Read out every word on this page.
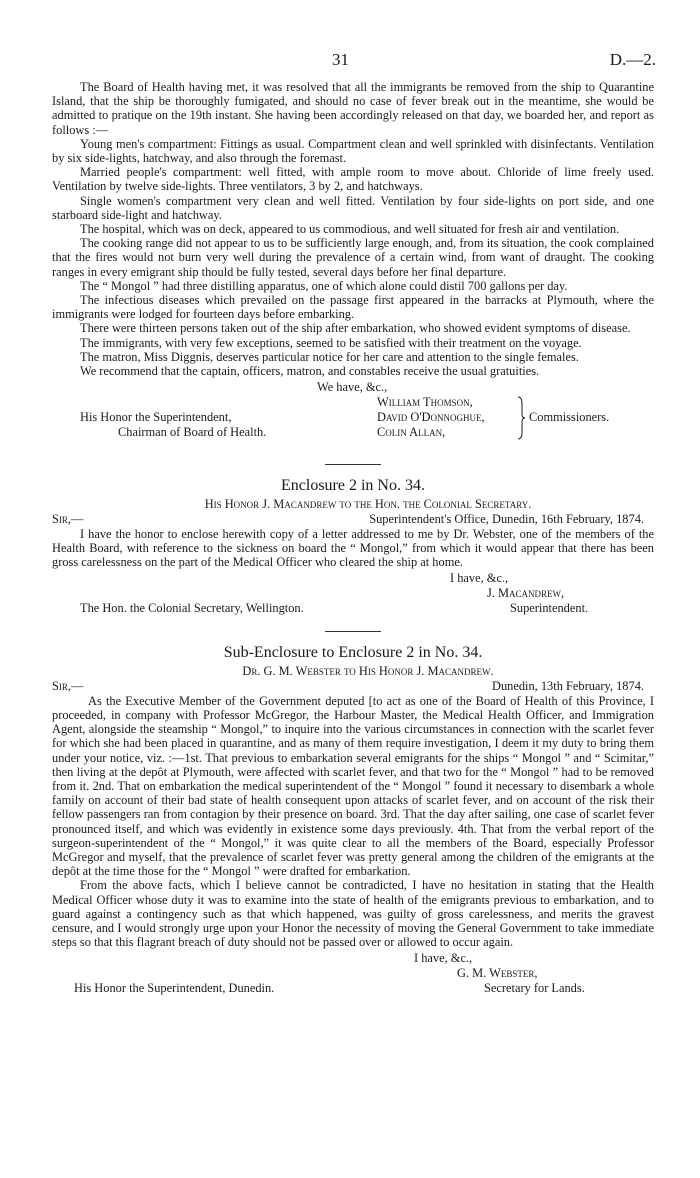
31	D.—2.

The Board of Health having met, it was resolved that all the immigrants be removed from the ship to Quarantine Island, that the ship be thoroughly fumigated, and should no case of fever break out in the meantime, she would be admitted to pratique on the 19th instant. She having been accordingly released on that day, we boarded her, and report as follows :—

Young men's compartment: Fittings as usual. Compartment clean and well sprinkled with disinfectants. Ventilation by six side-lights, hatchway, and also through the foremast.

Married people's compartment: well fitted, with ample room to move about. Chloride of lime freely used. Ventilation by twelve side-lights. Three ventilators, 3 by 2, and hatchways.

Single women's compartment very clean and well fitted. Ventilation by four side-lights on port side, and one starboard side-light and hatchway.

The hospital, which was on deck, appeared to us commodious, and well situated for fresh air and ventilation.

The cooking range did not appear to us to be sufficiently large enough, and, from its situation, the cook complained that the fires would not burn very well during the prevalence of a certain wind, from want of draught. The cooking ranges in every emigrant ship thould be fully tested, several days before her final departure.

The “ Mongol ” had three distilling apparatus, one of which alone could distil 700 gallons per day.

The infectious diseases which prevailed on the passage first appeared in the barracks at Plymouth, where the immigrants were lodged for fourteen days before embarking.

There were thirteen persons taken out of the ship after embarkation, who showed evident symptoms of disease.

The immigrants, with very few exceptions, seemed to be satisfied with their treatment on the voyage.

The matron, Miss Diggnis, deserves particular notice for her care and attention to the single females.

We recommend that the captain, officers, matron, and constables receive the usual gratuities.

We have, &c.,
William Thomson,
David O'Donnoghue,
Colin Allan,
Commissioners.
His Honor the Superintendent,
Chairman of Board of Health.
Enclosure 2 in No. 34.
His Honor J. Macandrew to the Hon. the Colonial Secretary.
Sir,—	Superintendent's Office, Dunedin, 16th February, 1874.

I have the honor to enclose herewith copy of a letter addressed to me by Dr. Webster, one of the members of the Health Board, with reference to the sickness on board the “ Mongol,” from which it would appear that there has been gross carelessness on the part of the Medical Officer who cleared the ship at home.

I have, &c.,
J. Macandrew,
Superintendent.
The Hon. the Colonial Secretary, Wellington.
Sub-Enclosure to Enclosure 2 in No. 34.
Dr. G. M. Webster to His Honor J. Macandrew.
Sir,—	Dunedin, 13th February, 1874.

As the Executive Member of the Government deputed [to act as one of the Board of Health of this Province, I proceeded, in company with Professor McGregor, the Harbour Master, the Medical Health Officer, and Immigration Agent, alongside the steamship “ Mongol,” to inquire into the various circumstances in connection with the scarlet fever for which she had been placed in quarantine, and as many of them require investigation, I deem it my duty to bring them under your notice, viz. :—1st. That previous to embarkation several emigrants for the ships “ Mongol ” and “ Scimitar,” then living at the depôt at Plymouth, were affected with scarlet fever, and that two for the “ Mongol ” had to be removed from it. 2nd. That on embarkation the medical superintendent of the “ Mongol ” found it necessary to disembark a whole family on account of their bad state of health consequent upon attacks of scarlet fever, and on account of the risk their fellow passengers ran from contagion by their presence on board. 3rd. That the day after sailing, one case of scarlet fever pronounced itself, and which was evidently in existence some days previously. 4th. That from the verbal report of the surgeon-superintendent of the “ Mongol,” it was quite clear to all the members of the Board, especially Professor McGregor and myself, that the prevalence of scarlet fever was pretty general among the children of the emigrants at the depôt at the time those for the “ Mongol ” were drafted for embarkation.

From the above facts, which I believe cannot be contradicted, I have no hesitation in stating that the Health Medical Officer whose duty it was to examine into the state of health of the emigrants previous to embarkation, and to guard against a contingency such as that which happened, was guilty of gross carelessness, and merits the gravest censure, and I would strongly urge upon your Honor the necessity of moving the General Government to take immediate steps so that this flagrant breach of duty should not be passed over or allowed to occur again.

I have, &c.,
G. M. Webster,
Secretary for Lands.
His Honor the Superintendent, Dunedin.
